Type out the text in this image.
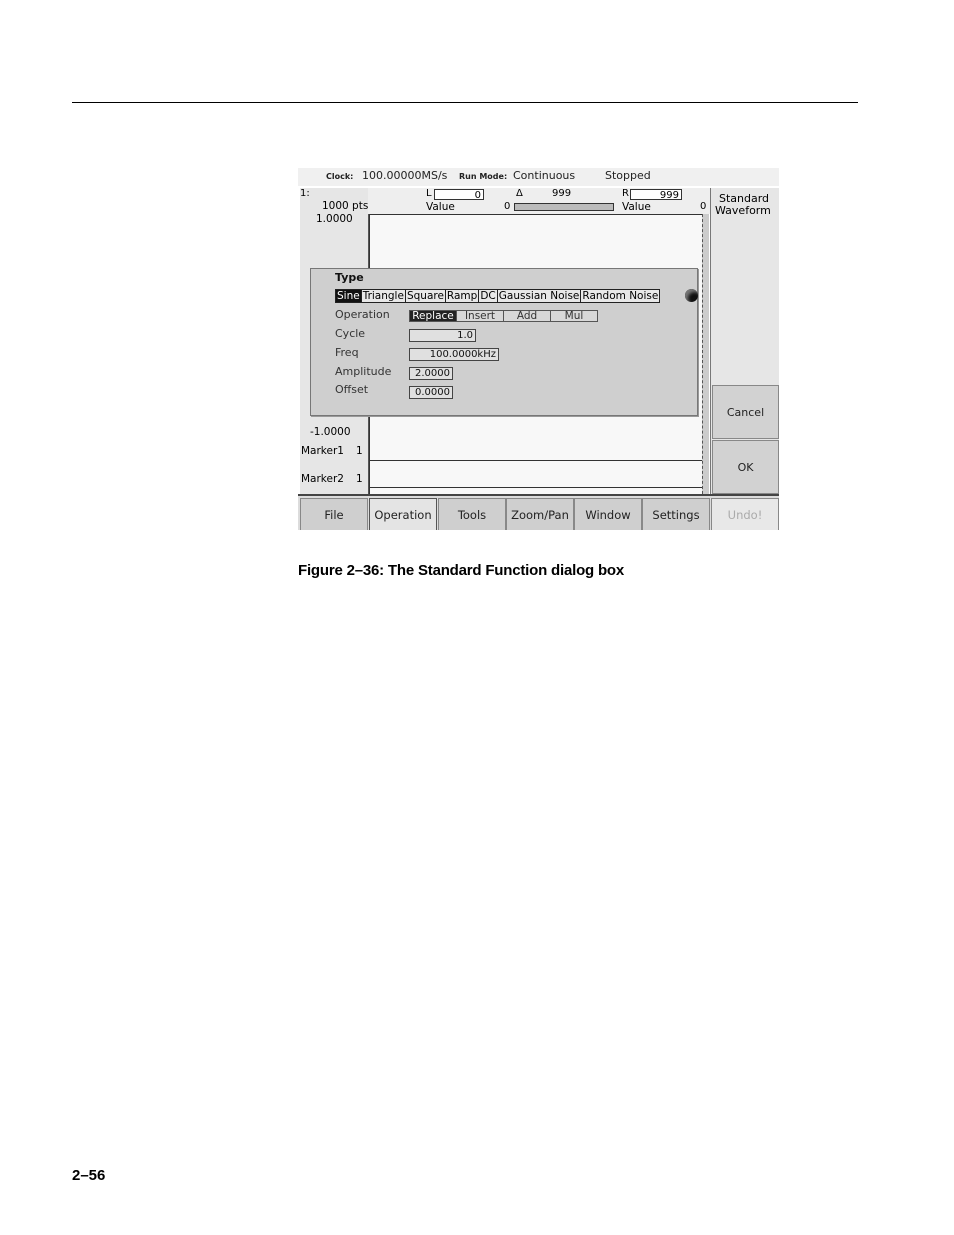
Clock: 100.00000MS/s Run Mode: Continuous	Stopped
1:
1000 pts
1.0000
-1.0000
Marker1 1
Marker2 1
L	0	Δ	999	R	999
Value	0	Value	0
Standard
Waveform
Cancel
OK
Type
Sine Triangle Square Ramp DC Gaussian Noise Random Noise
Operation	Replace	Insert	Add	Mul
Cycle	1.0
Freq	100.0000kHz
Amplitude	2.0000
Offset	0.0000
File	Operation	Tools	Zoom/Pan	Window	Settings	Undo!
Figure 2–36: The Standard Function dialog box
2–56
